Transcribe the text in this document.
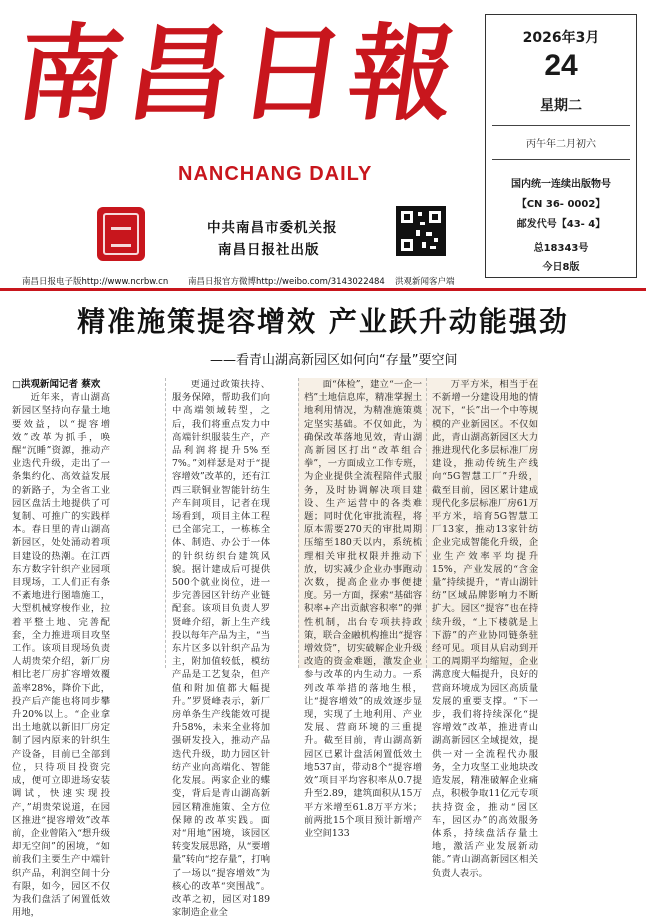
南
昌
日
報
NANCHANG DAILY
中共南昌市委机关报
南昌日报社出版
2026年3月
24
星期二
丙午年二月初六
国内统一连续出版物号
【CN 36- 0002】
邮发代号【43- 4】
总18343号
今日8版
南昌日报电子版http://www.ncrbw.cn 南昌日报官方微博http://weibo.com/3143022484 洪观新闻客户端
精准施策提容增效 产业跃升动能强劲
——看青山湖高新园区如何向“存量”要空间
□洪观新闻记者 蔡欢

近年来，青山湖高新园区坚持向存量土地要效益，以“提容增效”改革为抓手，唤醒“沉睡”资源，推动产业迭代升级，走出了一条集约化、高效益发展的新路子，为全省工业园区盘活土地提供了可复制、可推广的实践样本。春日里的青山湖高新园区，处处涌动着项目建设的热潮。在江西东方数字针织产业园项目现场，工人们正有条不紊地进行图墙施工，大型机械穿梭作业，拉着平整土地、完善配套，全力推进项目攻坚工作。该项目现场负责人胡贵荣介绍，新厂房相比老厂房扩容增效覆盖率28%，降价下此，投产后产能也将同步攀升20%以上。“企业拿出土地就以新旧厂房定制了园内原来的针织生产设备，目前已全部到位，只待项目投资完成，便可立即进场安装调试，快速实现投产，”胡贵荣说道，在园区推进“提容增效”改革前，企业曾陷入“想升级却无空间”的困境，“如前我们主要生产中端针织产品，利润空间十分有限，如今，园区不仅为我们盘活了闲置低效用地，

更通过政策扶持、服务保障，帮助我们向中高端领域转型，之后，我们将重点发力中高端针织服装生产，产品利润将提升5%至7%。”刘样瑟是对于“提容增效”改革的，还有江西三联铜业智能针纺生产车间项目，记者在现场看到，项目主体工程已全部完工，一栋栋全体、制造、办公于一体的针织纺织台建筑风貌。据计建成后可提供500个就业岗位，进一步完善园区针纺产业链配套。该项目负责人罗贤峰介绍，新上生产线投以每年产品为主，“当东片区多以针织产品为主，附加值较低，模纺产品是工艺复杂，但产值和附加值都大幅提升。”罗贤峰表示，新厂房单条生产线能效可提升58%，未来全业将加强研发投入，推动产品迭代升级，助力园区针纺产业向高端化、智能化发展。两家企业的蝶变，背后是青山湖高新园区精准施策、全方位保障的改革实践。面对“用地”困境，该园区转变发展思路，从“要增量”转向“挖存量”，打响了一场以“提容增效”为核心的改革“突围战”。改革之初，园区对189家制造企业全

面“体检”，建立“一企一档”土地信息库，精准掌握土地利用情况，为精准施策奠定坚实基础。不仅如此，为确保改革落地见效，青山湖高新园区打出“改革组合拳”，一方面成立工作专班，为企业提供全流程陪伴式服务，及时协调解决项目建设、生产运营中的各类难题；同时优化审批流程，将原本需要270天的审批周期压缩至180天以内，系统梳理相关审批权限并推动下放，切实减少企业办事跑动次数，提高企业办事便捷度。另一方面，探索“基础容积率+产出贡献容积率”的弹性机制，出台专项扶持政策，联合金融机构推出“提容增效贷”，切实破解企业升级改造的资金难题，激发企业参与改革的内生动力。一系列改革举措的落地生根，让“提容增效”的成效逐步显现，实现了土地利用、产业发展、营商环境的三重提升。截至目前，青山湖高新园区已累计盘活闲置低效土地537亩，带动8个“提容增效”项目平均容积率从0.7提升至2.89，建筑面积从15万平方米增至61.8万平方米；前两批15个项目预计新增产业空间133

万平方米，相当于在不新增一分建设用地的情况下，“长”出一个中等规模的产业新园区。不仅如此，青山湖高新园区大力推进现代化多层标准厂房建设，推动传统生产线向“5G智慧工厂”升级，截至目前，园区累计建成现代化多层标准厂房61万平方米，培育5G智慧工厂13家，推动13家针纺企业完成智能化升级，企业生产效率平均提升15%，产业发展的“含金量”持续提升，“青山湖针纺”区域品牌影响力不断扩大。园区“提容”也在持续升级，“上下楼就是上下游”的产业协同链条驻经可见。项目从启动到开工的周期平均缩短，企业满意度大幅提升，良好的营商环境成为园区高质量发展的重要支撑。“下一步，我们将持续深化“提容增效”改革，推进青山湖高新园区全域提效，提供一对一全流程代办服务，全力攻坚工业地块改造发展，精准破解企业痛点，积极争取11亿元专项扶持资金，推动“园区车，园区办”的高效服务体系，持续盘活存量土地，激活产业发展新动能。”青山湖高新园区相关负责人表示。
